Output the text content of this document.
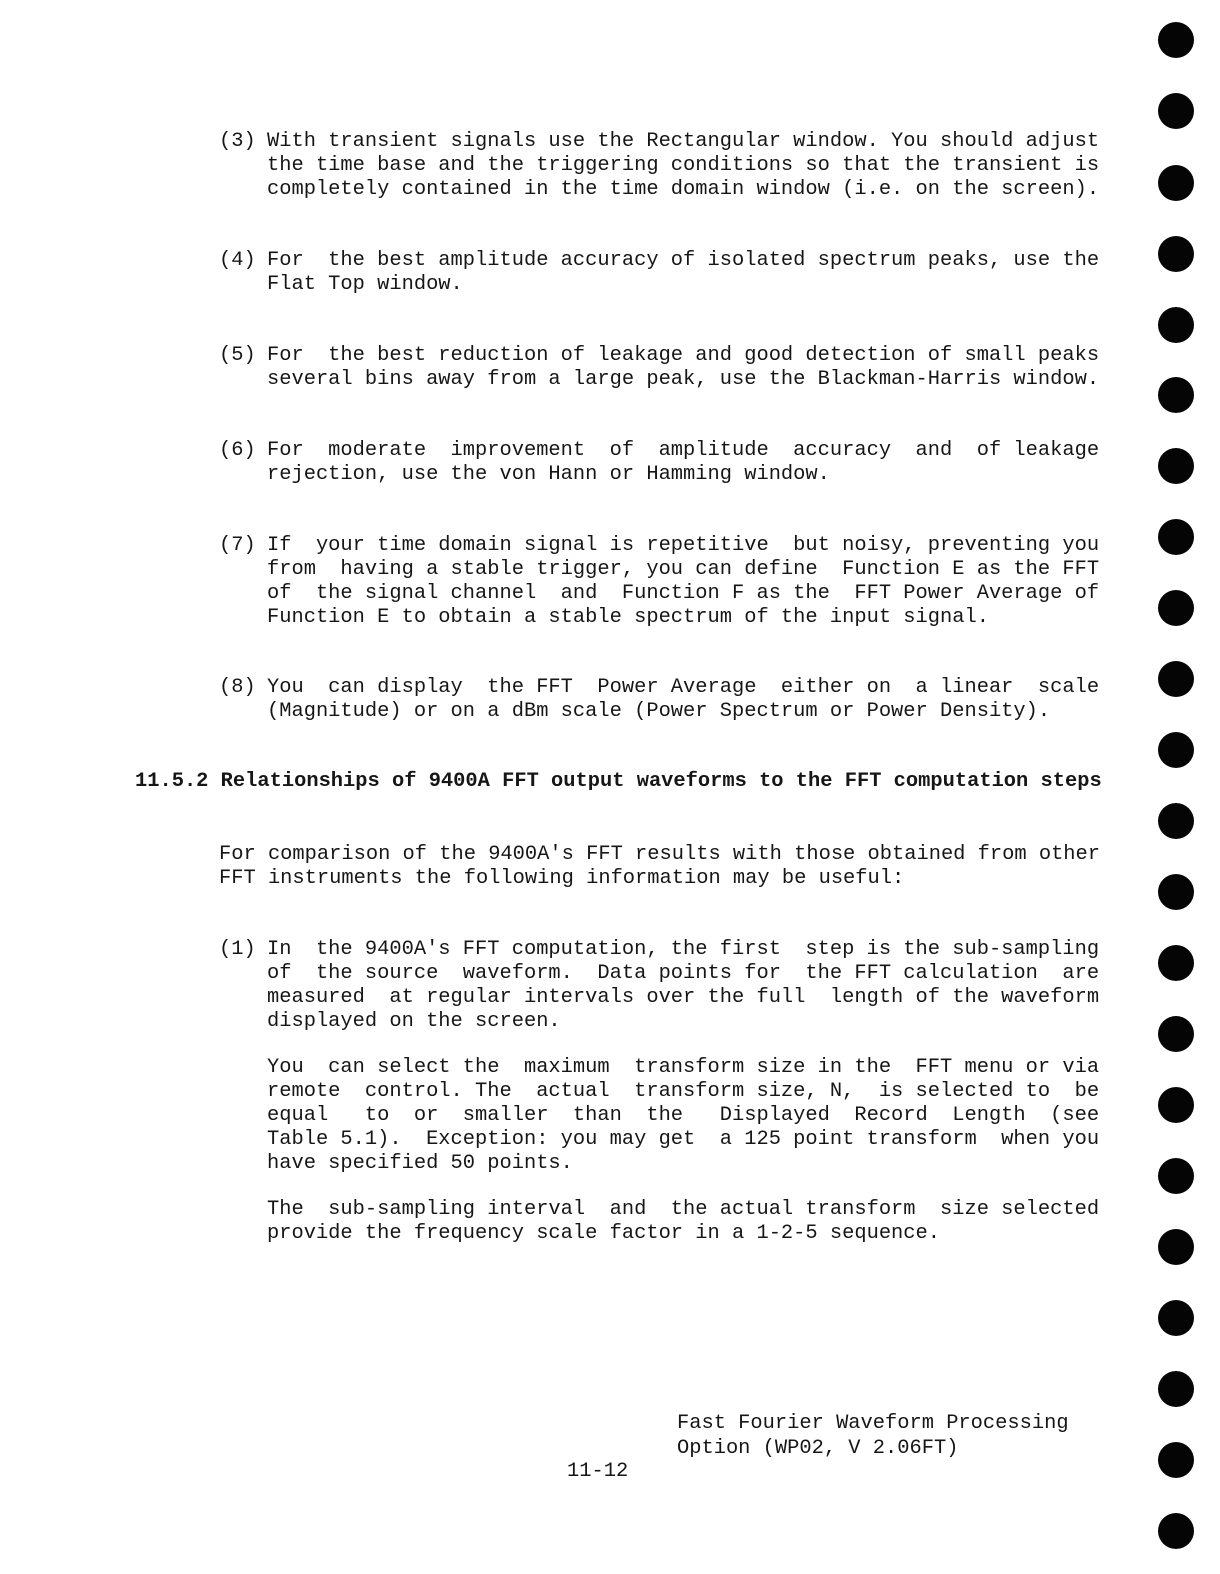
(3) With transient signals use the Rectangular window. You should adjust
the time base and the triggering conditions so that the transient is
completely contained in the time domain window (i.e. on the screen).
(4) For  the best amplitude accuracy of isolated spectrum peaks, use the
Flat Top window.
(5) For  the best reduction of leakage and good detection of small peaks
several bins away from a large peak, use the Blackman-Harris window.
(6) For  moderate  improvement  of  amplitude  accuracy  and  of leakage
rejection, use the von Hann or Hamming window.
(7) If  your time domain signal is repetitive  but noisy, preventing you
from  having a stable trigger, you can define  Function E as the FFT
of  the signal channel  and  Function F as the  FFT Power Average of
Function E to obtain a stable spectrum of the input signal.
(8) You  can display  the FFT  Power Average  either on  a linear  scale
(Magnitude) or on a dBm scale (Power Spectrum or Power Density).
11.5.2 Relationships of 9400A FFT output waveforms to the FFT computation steps
For comparison of the 9400A's FFT results with those obtained from other
FFT instruments the following information may be useful:
(1) In  the 9400A's FFT computation, the first  step is the sub-sampling
of  the source  waveform.  Data points for  the FFT calculation  are
measured  at regular intervals over the full  length of the waveform
displayed on the screen.
You  can select the  maximum  transform size in the  FFT menu or via
remote  control. The  actual  transform size, N,  is selected to  be
equal   to  or  smaller  than  the   Displayed  Record  Length  (see
Table 5.1).  Exception: you may get  a 125 point transform  when you
have specified 50 points.
The  sub-sampling interval  and  the actual transform  size selected
provide the frequency scale factor in a 1-2-5 sequence.
Fast Fourier Waveform Processing
Option (WP02, V 2.06FT)
11-12
